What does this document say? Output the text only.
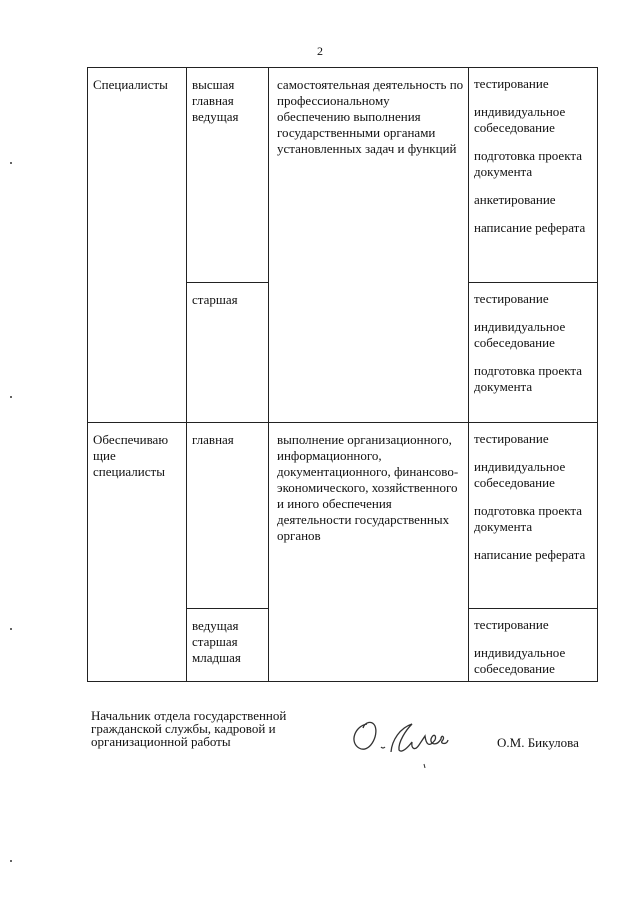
2
Специалисты	высшая главная ведущая	самостоятельная деятельность по профессиональному обеспечению выполнения государственными органами установленных задач и функций	тестирование
индивидуальное собеседование
подготовка проекта документа
анкетирование
написание реферата

	старшая		тестирование
индивидуальное собеседование
подготовка проекта документа

Обеспечиваю щие специалисты	главная	выполнение организационного, информационного, документационного, финансово-экономического, хозяйственного и иного обеспечения деятельности государственных органов	тестирование
индивидуальное собеседование
подготовка проекта документа
написание реферата

	ведущая старшая младшая		тестирование
индивидуальное собеседование
Начальник отдела государственной гражданской службы, кадровой и организационной работы	О.М. Бикулова
